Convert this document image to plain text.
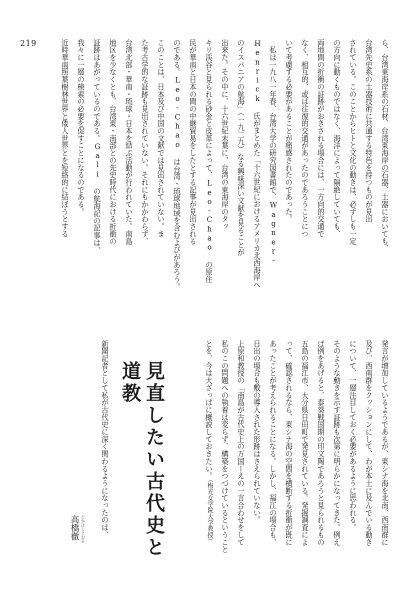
219	ら、台湾東海岸系の石材、台湾東海岸の石器、土器においても、
台湾先史系の土器技術に共通する特色を持つものが見出
されている。このことからヒトと文化の動きは、必ずしも一定
の方向に動くものではなく、海洋によって隔絶していても、
両地間の折衝の証跡がおきされる場合には、一方向的交通で
なく、相互的、或は往復的交通があったのであろうことにつ
いて考慮する必要があることが痛感されたのであった。
　私は一九八一年春、台湾大学の研究図書館で、Wagner-
Henrick 氏がまとめた「十六世紀におけるアメリカ北西海岸へ
のイスパニアの航海」（一九二九）なる興味深い文献を見ることが
出来た。その中に、十六世紀末葉に、台湾の東海岸のタッ
キリ渓谷と見られる砂金と皮革によって、Leo-Chao の原住
民が華南と日本の間の中継貿易をしたとする記事が見出される
のである。Leo-Chao は台湾・琉球地域を含むよびがあろう。
このことは、日本及び中国の文献では見出されていない。ま
た考古学的な証跡も見出されていない。それにもかかわらず、
台湾北部・華南・琉球・日本を結ぶ活動が行われていた。南島
地区を少なくとも、台湾東・南部との先史時代における折衝の
証跡はあがっているのである。Gali の航海記の記事は、
我々に一層の検索の必要を促すことになるのである。
近時華南照葉樹林世界と倭人世界とを短絡的に結ぼうとする
発言が増加しているようであるが、東シナ海を北南、西南群に
及び、西南群をクッションにして、わが本土に及んでいる動き
について、一層注目しておく必要があるように思われる。
そのような動きを示す証跡も次第に明らかになってきた。例え
ば例をあげると、泰葵戦国期の印文陶であろうと見られるもの
五島の福江市、大分県日田町で発見されている。発掘調査によ
って、確認されるなら、東シナ海の空間を横断する折衝が既に
あったことが考えられることになる。しかし、福江の場合も、
日出の場合も敷の導入された形跡はさえられていない。
上原和教授の「南島が古代史上の万国ーえの一言合わせをして
私のこの問題への執着は変らず、構築をつづけているということ
とを、今は大ざっぱに概説しておきたい。（梅光女学院大学教授）
見直したい古代史と道教
新聞記者として私が古代史に深く関わるようになったのは、
たかはしとおる
高橋徹
